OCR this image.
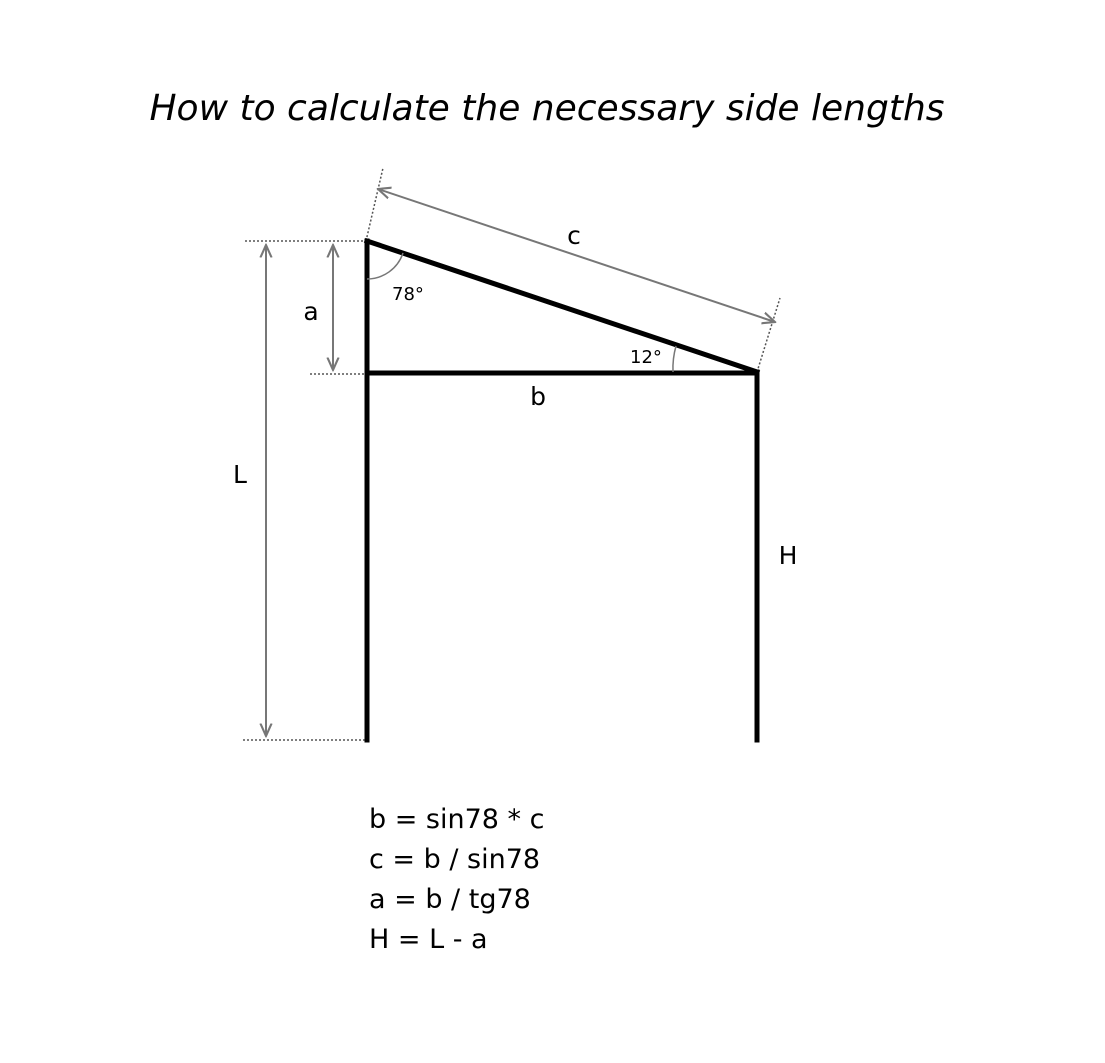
How to calculate the necessary side lengths
c
a
b
L
H
78°
12°
b = sin78 * c
c = b / sin78
a = b / tg78
H = L - a
